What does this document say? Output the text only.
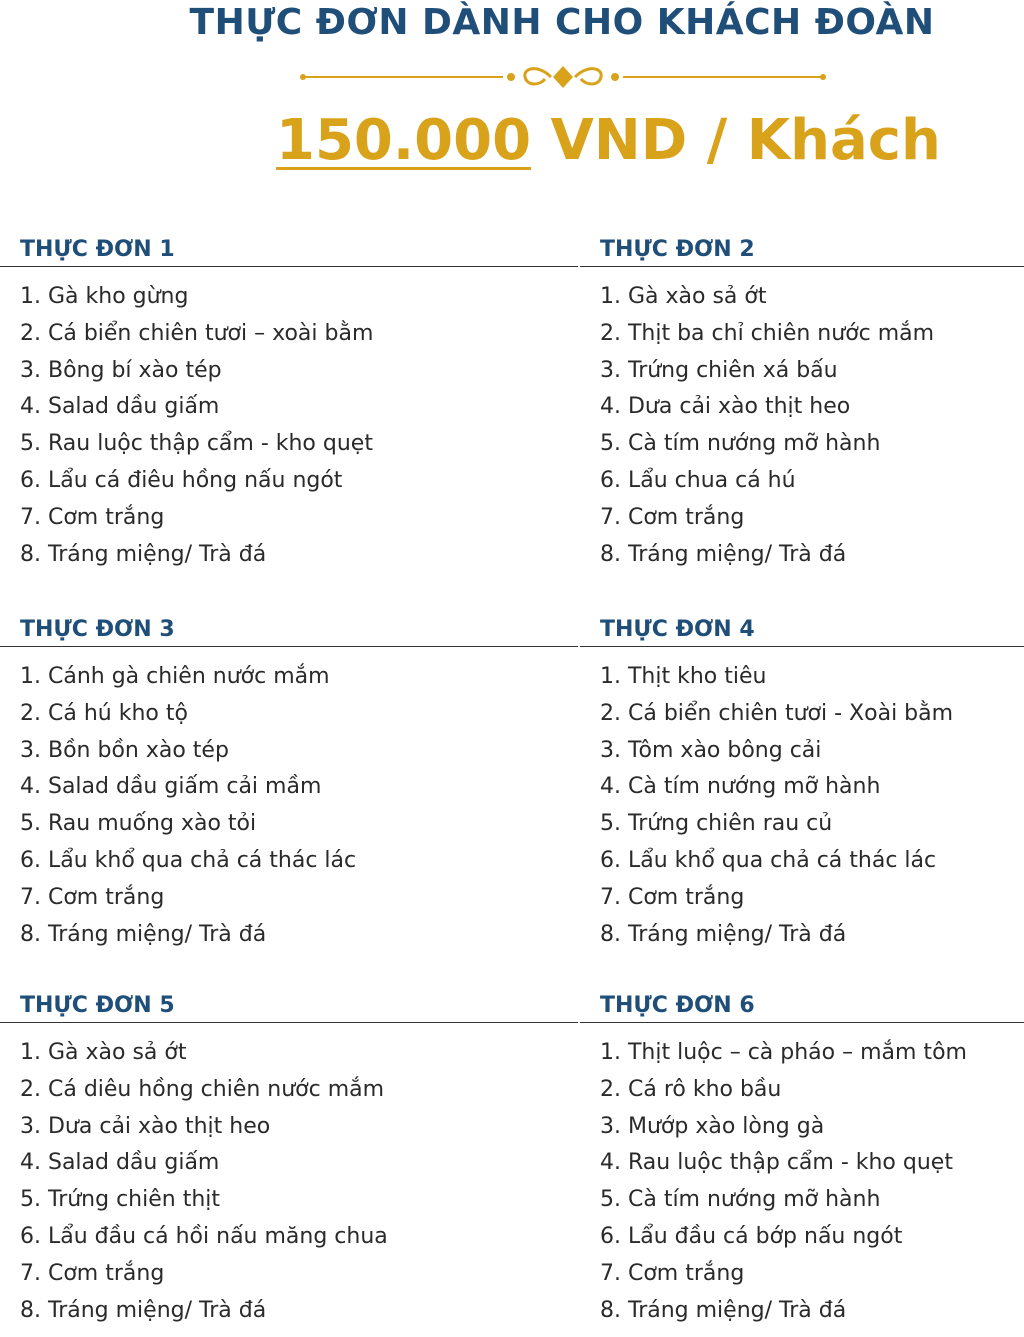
THỰC ĐƠN DÀNH CHO KHÁCH ĐOÀN
150.000 VND / Khách
THỰC ĐƠN 1
1. Gà kho gừng
2. Cá biển chiên tươi – xoài bằm
3. Bông bí xào tép
4. Salad dầu giấm
5. Rau luộc thập cẩm - kho quẹt
6. Lẩu cá điêu hồng nấu ngót
7. Cơm trắng
8. Tráng miệng/ Trà đá
THỰC ĐƠN 2
1. Gà xào sả ớt
2. Thịt ba chỉ chiên nước mắm
3. Trứng chiên xá bấu
4. Dưa cải xào thịt heo
5. Cà tím nướng mỡ hành
6. Lẩu chua cá hú
7. Cơm trắng
8. Tráng miệng/ Trà đá
THỰC ĐƠN 3
1. Cánh gà chiên nước mắm
2. Cá hú kho tộ
3. Bồn bồn xào tép
4. Salad dầu giấm cải mầm
5. Rau muống xào tỏi
6. Lẩu khổ qua chả cá thác lác
7. Cơm trắng
8. Tráng miệng/ Trà đá
THỰC ĐƠN 4
1. Thịt kho tiêu
2. Cá biển chiên tươi - Xoài bằm
3. Tôm xào bông cải
4. Cà tím nướng mỡ hành
5. Trứng chiên rau củ
6. Lẩu khổ qua chả cá thác lác
7. Cơm trắng
8. Tráng miệng/ Trà đá
THỰC ĐƠN 5
1. Gà xào sả ớt
2. Cá diêu hồng chiên nước mắm
3. Dưa cải xào thịt heo
4. Salad dầu giấm
5. Trứng chiên thịt
6. Lẩu đầu cá hồi nấu măng chua
7. Cơm trắng
8. Tráng miệng/ Trà đá
THỰC ĐƠN 6
1. Thịt luộc – cà pháo – mắm tôm
2. Cá rô kho bầu
3. Mướp xào lòng gà
4. Rau luộc thập cẩm - kho quẹt
5. Cà tím nướng mỡ hành
6. Lẩu đầu cá bớp nấu ngót
7. Cơm trắng
8. Tráng miệng/ Trà đá
